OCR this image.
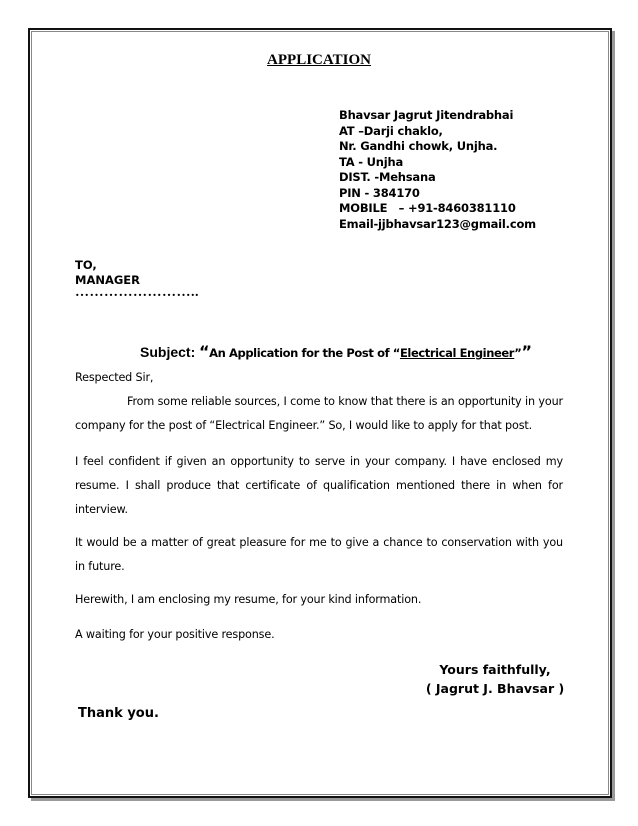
APPLICATION
Bhavsar Jagrut Jitendrabhai
AT –Darji chaklo,
Nr. Gandhi chowk, Unjha.
TA - Unjha
DIST. -Mehsana
PIN - 384170
MOBILE   – +91-8460381110
Email-jjbhavsar123@gmail.com
TO,
MANAGER
……………………..
Subject: “An Application for the Post of “Electrical Engineer””
Respected Sir,
From some reliable sources, I come to know that there is an opportunity in your company for the post of “Electrical Engineer.” So, I would like to apply for that post.
I feel confident if given an opportunity to serve in your company. I have enclosed my resume. I shall produce that certificate of qualification mentioned there in when for interview.
It would be a matter of great pleasure for me to give a chance to conservation with you in future.
Herewith, I am enclosing my resume, for your kind information.
A waiting for your positive response.
Yours faithfully,
( Jagrut J. Bhavsar )
Thank you.
